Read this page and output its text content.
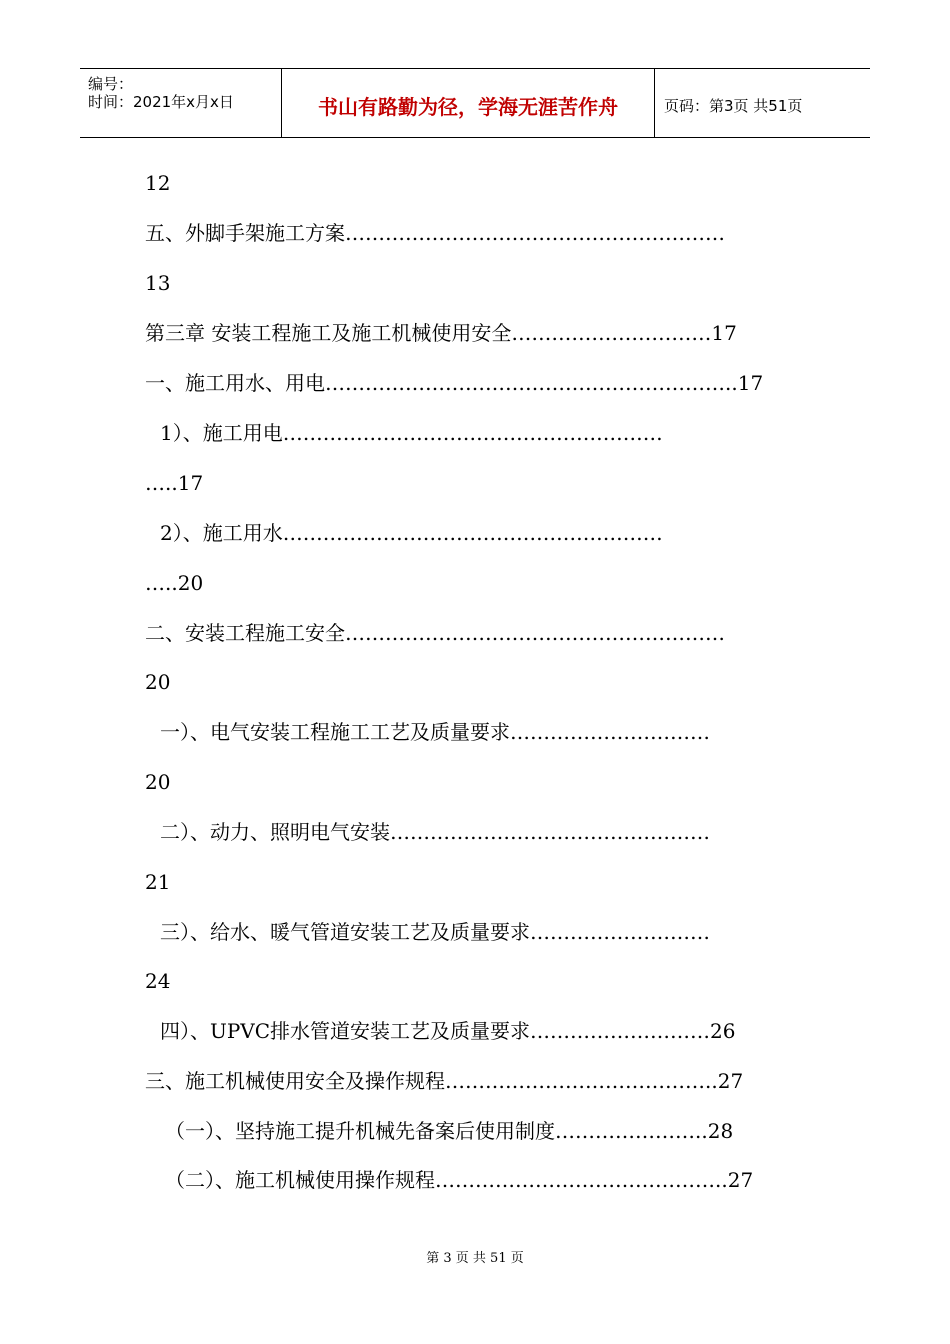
编号：
时间：2021年x月x日	书山有路勤为径，学海无涯苦作舟	页码：第3页 共51页
12
五、外脚手架施工方案…………………………………………………
13
第三章 安装工程施工及施工机械使用安全…………………………17
一、施工用水、用电……………………………………………………..17
1）、施工用电…………………………………………………
…..17
2）、施工用水…………………………………………………
…..20
二、安装工程施工安全…………………………………………………
20
一）、电气安装工程施工工艺及质量要求…………………………
20
二）、动力、照明电气安装…………………………………………
21
三）、给水、暖气管道安装工艺及质量要求………………………
24
四）、UPVC排水管道安装工艺及质量要求………………………26
三、施工机械使用安全及操作规程…………………………………..27
（一）、坚持施工提升机械先备案后使用制度…………………..28
（二）、施工机械使用操作规程……………………………………..27
第 3 页 共 51 页
